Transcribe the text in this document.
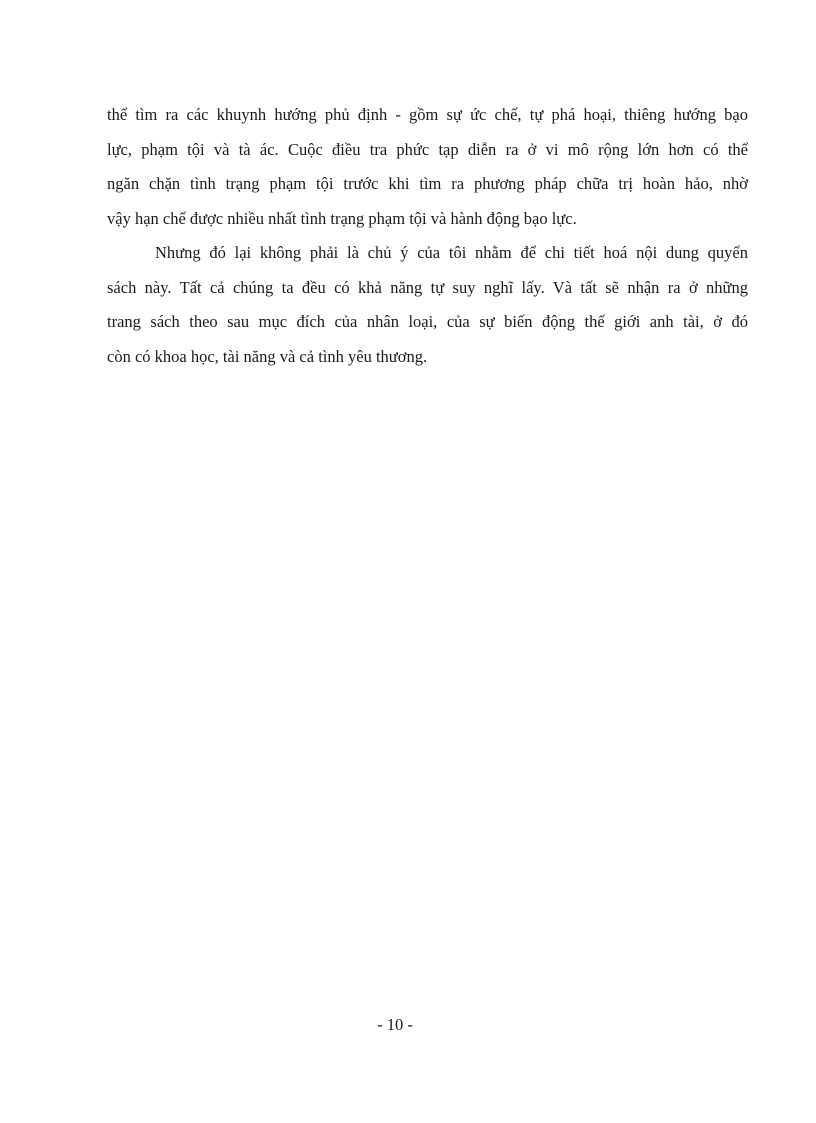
thể tìm ra các khuynh hướng phủ định - gồm sự ức chế, tự phá hoại, thiêng hướng bạo
lực, phạm tội và tà ác. Cuộc điều tra phức tạp diễn ra ở vi mô rộng lớn hơn có thể
ngăn chặn tình trạng phạm tội trước khi tìm ra phương pháp chữa trị hoàn hảo, nhờ
vậy hạn chế được nhiều nhất tình trạng phạm tội và hành động bạo lực.
Nhưng đó lại không phải là chủ ý của tôi nhằm để chi tiết hoá nội dung quyển
sách này. Tất cả chúng ta đều có khả năng tự suy nghĩ lấy. Và tất sẽ nhận ra ở những
trang sách theo sau mục đích của nhân loại, của sự biến động thế giới anh tài, ở đó
còn có khoa học, tài năng và cả tình yêu thương.
- 10 -
